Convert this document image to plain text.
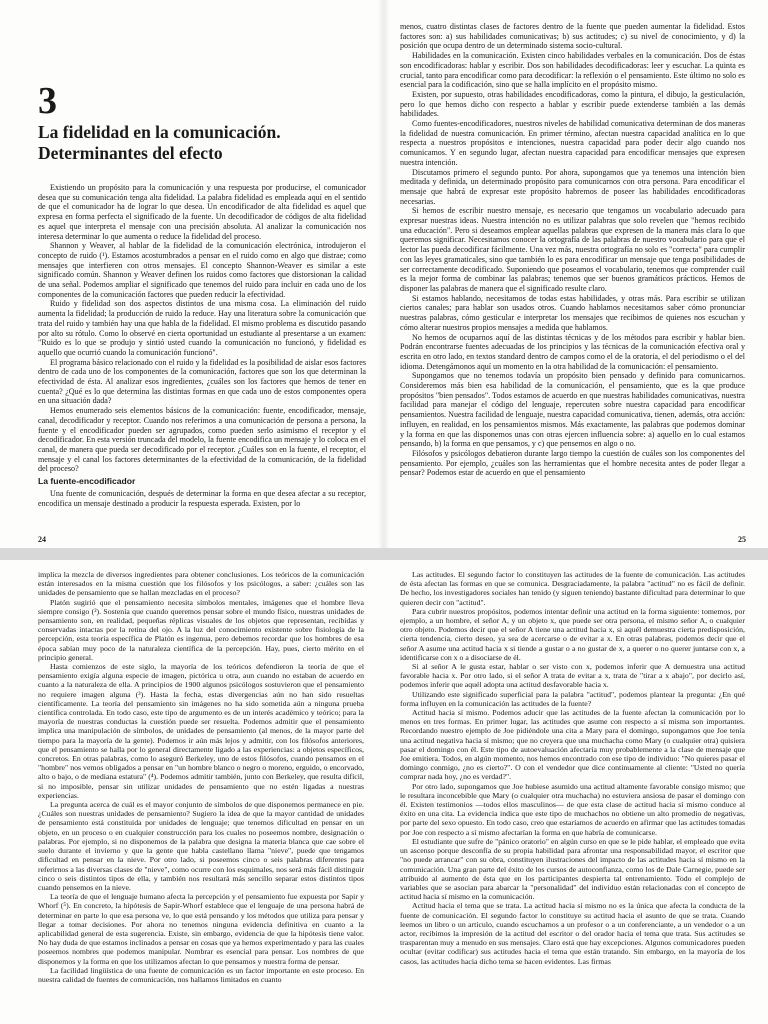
3
La fidelidad en la comunicación.
Determinantes del efecto

Existiendo un propósito para la comunicación y una respuesta por producirse, el comunicador desea que su comunicación tenga alta fidelidad. La palabra fidelidad es empleada aquí en el sentido de que el comunicador ha de lograr lo que desea. Un encodificador de alta fidelidad es aquel que expresa en forma perfecta el significado de la fuente. Un decodificador de códigos de alta fidelidad es aquel que interpreta el mensaje con una precisión absoluta. Al analizar la comunicación nos interesa determinar lo que aumenta o reduce la fidelidad del proceso.

Shannon y Weaver, al hablar de la fidelidad de la comunicación electrónica, introdujeron el concepto de ruido (¹). Estamos acostumbrados a pensar en el ruido como en algo que distrae; como mensajes que interfieren con otros mensajes. El concepto Shannon-Weaver es similar a este significado común. Shannon y Weaver definen los ruidos como factores que distorsionan la calidad de una señal. Podemos ampliar el significado que tenemos del ruido para incluir en cada uno de los componentes de la comunicación factores que pueden reducir la efectividad.

Ruido y fidelidad son dos aspectos distintos de una misma cosa. La eliminación del ruido aumenta la fidelidad; la producción de ruido la reduce. Hay una literatura sobre la comunicación que trata del ruido y también hay una que habla de la fidelidad. El mismo problema es discutido pasando por alto su rótulo. Como lo observé en cierta oportunidad un estudiante al presentarse a un examen: "Ruido es lo que se produjo y sintió usted cuando la comunicación no funcionó, y fidelidad es aquello que ocurrió cuando la comunicación funcionó".

El programa básico relacionado con el ruido y la fidelidad es la posibilidad de aislar esos factores dentro de cada uno de los componentes de la comunicación, factores que son los que determinan la efectividad de ésta. Al analizar esos ingredientes, ¿cuáles son los factores que hemos de tener en cuenta? ¿Qué es lo que determina las distintas formas en que cada uno de estos componentes opera en una situación dada?

Hemos enumerado seis elementos básicos de la comunicación: fuente, encodificador, mensaje, canal, decodificador y receptor. Cuando nos referimos a una comunicación de persona a persona, la fuente y el encodificador pueden ser agrupados, como pueden serlo asimismo el receptor y el decodificador. En esta versión truncada del modelo, la fuente encodifica un mensaje y lo coloca en el canal, de manera que pueda ser decodificado por el receptor. ¿Cuáles son en la fuente, el receptor, el mensaje y el canal los factores determinantes de la efectividad de la comunicación, de la fidelidad del proceso?

La fuente-encodificador

Una fuente de comunicación, después de determinar la forma en que desea afectar a su receptor, encodifica un mensaje destinado a producir la respuesta esperada. Existen, por lo

24

menos, cuatro distintas clases de factores dentro de la fuente que pueden aumentar la fidelidad. Estos factores son: a) sus habilidades comunicativas; b) sus actitudes; c) su nivel de conocimiento, y d) la posición que ocupa dentro de un determinado sistema socio-cultural.

Habilidades en la comunicación. Existen cinco habilidades verbales en la comunicación. Dos de éstas son encodificadoras: hablar y escribir. Dos son habilidades decodificadoras: leer y escuchar. La quinta es crucial, tanto para encodificar como para decodificar: la reflexión o el pensamiento. Este último no solo es esencial para la codificación, sino que se halla implícito en el propósito mismo.

Existen, por supuesto, otras habilidades encodificadoras, como la pintura, el dibujo, la gesticulación, pero lo que hemos dicho con respecto a hablar y escribir puede extenderse también a las demás habilidades.

Como fuentes-encodificadores, nuestros niveles de habilidad comunicativa determinan de dos maneras la fidelidad de nuestra comunicación. En primer término, afectan nuestra capacidad analítica en lo que respecta a nuestros propósitos e intenciones, nuestra capacidad para poder decir algo cuando nos comunicamos. Y en segundo lugar, afectan nuestra capacidad para encodificar mensajes que expresen nuestra intención.

Discutamos primero el segundo punto. Por ahora, supongamos que ya tenemos una intención bien meditada y definida, un determinado propósito para comunicarnos con otra persona. Para encodificar el mensaje que habrá de expresar este propósito habremos de poseer las habilidades encodificadoras necesarias.

Si hemos de escribir nuestro mensaje, es necesario que tengamos un vocabulario adecuado para expresar nuestras ideas. Nuestra intención no es utilizar palabras que solo revelen que "hemos recibido una educación". Pero si deseamos emplear aquellas palabras que expresen de la manera más clara lo que queremos significar. Necesitamos conocer la ortografía de las palabras de nuestro vocabulario para que el lector las pueda decodificar fácilmente. Una vez más, nuestra ortografía no solo es "correcta" para cumplir con las leyes gramaticales, sino que también lo es para encodificar un mensaje que tenga posibilidades de ser correctamente decodificado. Suponiendo que poseamos el vocabulario, tenemos que comprender cuál es la mejor forma de combinar las palabras; tenemos que ser buenos gramáticos prácticos. Hemos de disponer las palabras de manera que el significado resulte claro.

Si estamos hablando, necesitamos de todas estas habilidades, y otras más. Para escribir se utilizan ciertos canales; para hablar son usados otros. Cuando hablamos necesitamos saber cómo pronunciar nuestras palabras, cómo gesticular e interpretar los mensajes que recibimos de quienes nos escuchan y cómo alterar nuestros propios mensajes a medida que hablamos.

No hemos de ocuparnos aquí de las distintas técnicas y de los métodos para escribir y hablar bien. Podrán encontrarse fuentes adecuadas de los principios y las técnicas de la comunicación efectiva oral y escrita en otro lado, en textos standard dentro de campos como el de la oratoria, el del periodismo o el del idioma. Detengámonos aquí un momento en la otra habilidad de la comunicación: el pensamiento.

Supongamos que no tenemos todavía un propósito bien pensado y definido para comunicarnos. Consideremos más bien esa habilidad de la comunicación, el pensamiento, que es la que produce propósitos "bien pensados". Todos estamos de acuerdo en que nuestras habilidades comunicativas, nuestra facilidad para manejar el código del lenguaje, repercuten sobre nuestra capacidad para encodificar pensamientos. Nuestra facilidad de lenguaje, nuestra capacidad comunicativa, tienen, además, otra acción: influyen, en realidad, en los pensamientos mismos. Más exactamente, las palabras que podemos dominar y la forma en que las disponemos unas con otras ejercen influencia sobre: a) aquello en lo cual estamos pensando, b) la forma en que pensamos, y c) que pensemos en algo o no.

Filósofos y psicólogos debatieron durante largo tiempo la cuestión de cuáles son los componentes del pensamiento. Por ejemplo, ¿cuáles son las herramientas que el hombre necesita antes de poder llegar a pensar? Podemos estar de acuerdo en que el pensamiento

25

implica la mezcla de diversos ingredientes para obtener conclusiones. Los teóricos de la comunicación están interesados en la misma cuestión que los filósofos y los psicólogos, a saber: ¿cuáles son las unidades de pensamiento que se hallan mezcladas en el proceso?

Platón sugirió que el pensamiento necesita símbolos mentales, imágenes que el hombre lleva siempre consigo (²). Sostenía que cuando queremos pensar sobre el mundo físico, nuestras unidades de pensamiento son, en realidad, pequeñas réplicas visuales de los objetos que representan, recibidas y conservadas intactas por la retina del ojo. A la luz del conocimiento existente sobre fisiología de la percepción, esta teoría específica de Platón es ingenua, pero debemos recordar que los hombres de esa época sabían muy poco de la naturaleza científica de la percepción. Hay, pues, cierto mérito en el principio general.

Hasta comienzos de este siglo, la mayoría de los teóricos defendieron la teoría de que el pensamiento exigía alguna especie de imagen, pictórica u otra, aun cuando no estaban de acuerdo en cuanto a la naturaleza de ella. A principios de 1900 algunos psicólogos sostuvieron que el pensamiento no requiere imagen alguna (³). Hasta la fecha, estas divergencias aún no han sido resueltas científicamente. La teoría del pensamiento sin imágenes no ha sido sometida aún a ninguna prueba científica controlada. En todo caso, este tipo de argumento es de un interés académico y teórico; para la mayoría de nuestras conductas la cuestión puede ser resuelta. Podemos admitir que el pensamiento implica una manipulación de símbolos, de unidades de pensamiento (al menos, de la mayor parte del tiempo para la mayoría de la gente). Podemos ir aún más lejos y admitir, con los filósofos anteriores, que el pensamiento se halla por lo general directamente ligado a las experiencias: a objetos específicos, concretos. En otras palabras, como lo aseguró Berkeley, uno de estos filósofos, cuando pensamos en el "hombre" nos vemos obligados a pensar en "un hombre blanco o negro o moreno, erguido, o encorvado, alto o bajo, o de mediana estatura" (⁴). Podemos admitir también, junto con Berkeley, que resulta difícil, si no imposible, pensar sin utilizar unidades de pensamiento que no estén ligadas a nuestras experiencias.

La pregunta acerca de cuál es el mayor conjunto de símbolos de que disponemos permanece en pie. ¿Cuáles son nuestras unidades de pensamiento? Sugiero la idea de que la mayor cantidad de unidades de pensamiento está constituida por unidades de lenguaje; que tenemos dificultad en pensar en un objeto, en un proceso o en cualquier construcción para los cuales no poseemos nombre, designación o palabras. Por ejemplo, si no disponemos de la palabra que designa la materia blanca que cae sobre el suelo durante el invierno y que la gente que habla castellano llama "nieve", puede que tengamos dificultad en pensar en la nieve. Por otro lado, si poseemos cinco o seis palabras diferentes para referirnos a las diversas clases de "nieve", como ocurre con los esquimales, nos será más fácil distinguir cinco o seis distintos tipos de ella, y también nos resultará más sencillo separar estos distintos tipos cuando pensemos en la nieve.

La teoría de que el lenguaje humano afecta la percepción y el pensamiento fue expuesta por Sapir y Whorf (⁵). En concreto, la hipótesis de Sapir-Whorf establece que el lenguaje de una persona habrá de determinar en parte lo que esa persona ve, lo que está pensando y los métodos que utiliza para pensar y llegar a tomar decisiones. Por ahora no tenemos ninguna evidencia definitiva en cuanto a la aplicabilidad general de esta sugerencia. Existe, sin embargo, evidencia de que la hipótesis tiene valor. No hay duda de que estamos inclinados a pensar en cosas que ya hemos experimentado y para las cuales poseemos nombres que podemos manipular. Nombrar es esencial para pensar. Los nombres de que disponemos y la forma en que los utilizamos afectan lo que pensamos y nuestra forma de pensar.

La facilidad lingüística de una fuente de comunicación es un factor importante en este proceso. En nuestra calidad de fuentes de comunicación, nos hallamos limitados en cuanto

Las actitudes. El segundo factor lo constituyen las actitudes de la fuente de comunicación. Las actitudes de ésta afectan las formas en que se comunica. Desgraciadamente, la palabra "actitud" no es fácil de definir. De hecho, los investigadores sociales han tenido (y siguen teniendo) bastante dificultad para determinar lo que quieren decir con "actitud".

Para cubrir nuestros propósitos, podemos intentar definir una actitud en la forma siguiente: tomemos, por ejemplo, a un hombre, el señor A, y un objeto x, que puede ser otra persona, el mismo señor A, o cualquier otro objeto. Podemos decir que el señor A tiene una actitud hacia x, si aquél demuestra cierta predisposición, cierta tendencia, cierto deseo, ya sea de acercarse o de evitar a x. En otras palabras, podemos decir que el señor A asume una actitud hacia x si tiende a gustar o a no gustar de x, a querer o no querer juntarse con x, a identificarse con x o a disociarse de él.

Si al señor A le gusta estar, hablar o ser visto con x, podemos inferir que A demuestra una actitud favorable hacia x. Por otro lado, si el señor A trata de evitar a x, trata de "tirar a x abajo", por decirlo así, podemos inferir que aquél adopta una actitud desfavorable hacia x.

Utilizando este significado superficial para la palabra "actitud", podemos plantear la pregunta: ¿En qué forma influyen en la comunicación las actitudes de la fuente?

Actitud hacia sí mismo. Podemos aducir que las actitudes de la fuente afectan la comunicación por lo menos en tres formas. En primer lugar, las actitudes que asume con respecto a sí misma son importantes. Recordando nuestro ejemplo de Joe pidiéndole una cita a Mary para el domingo, supongamos que Joe tenía una actitud negativa hacia sí mismo; que no creyera que una muchacha como Mary (o cualquier otra) quisiera pasar el domingo con él. Este tipo de autoevaluación afectaría muy probablemente a la clase de mensaje que Joe emitiera. Todos, en algún momento, nos hemos encontrado con ese tipo de individuo: "No quieres pasar el domingo conmigo, ¿no es cierto?". O con el vendedor que dice continuamente al cliente: "Usted no quería comprar nada hoy, ¿no es verdad?".

Por otro lado, supongamos que Joe hubiese asumido una actitud altamente favorable consigo mismo; que le resultara inconcebible que Mary (o cualquier otra muchacha) no estuviera ansiosa de pasar el domingo con él. Existen testimonios —todos ellos masculinos— de que esta clase de actitud hacia sí mismo conduce al éxito en una cita. La evidencia indica que este tipo de muchachos no obtiene un alto promedio de negativas, por parte del sexo opuesto. En todo caso, creo que estaríamos de acuerdo en afirmar que las actitudes tomadas por Joe con respecto a sí mismo afectarían la forma en que habría de comunicarse.

El estudiante que sufre de "pánico oratorio" en algún curso en que se le pide hablar, el empleado que evita un ascenso porque desconfía de su propia habilidad para afrontar una responsabilidad mayor, el escritor que "no puede arrancar" con su obra, constituyen ilustraciones del impacto de las actitudes hacia sí mismo en la comunicación. Una gran parte del éxito de los cursos de autoconfianza, como los de Dale Carnegie, puede ser atribuido al aumento de ésta que en los participantes despierta tal entrenamiento. Todo el complejo de variables que se asocian para abarcar la "personalidad" del individuo están relacionadas con el concepto de actitud hacia sí mismo en la comunicación.

Actitud hacia el tema que se trata. La actitud hacia sí mismo no es la única que afecta la conducta de la fuente de comunicación. El segundo factor lo constituye su actitud hacia el asunto de que se trata. Cuando leemos un libro o un artículo, cuando escuchamos a un profesor o a un conferenciante, a un vendedor o a un actor, recibimos la impresión de la actitud del escritor o del orador hacia el tema que trata. Sus actitudes se trasparentan muy a menudo en sus mensajes. Claro está que hay excepciones. Algunos comunicadores pueden ocultar (evitar codificar) sus actitudes hacia el tema que están tratando. Sin embargo, en la mayoría de los casos, las actitudes hacia dicho tema se hacen evidentes. Las firmas
